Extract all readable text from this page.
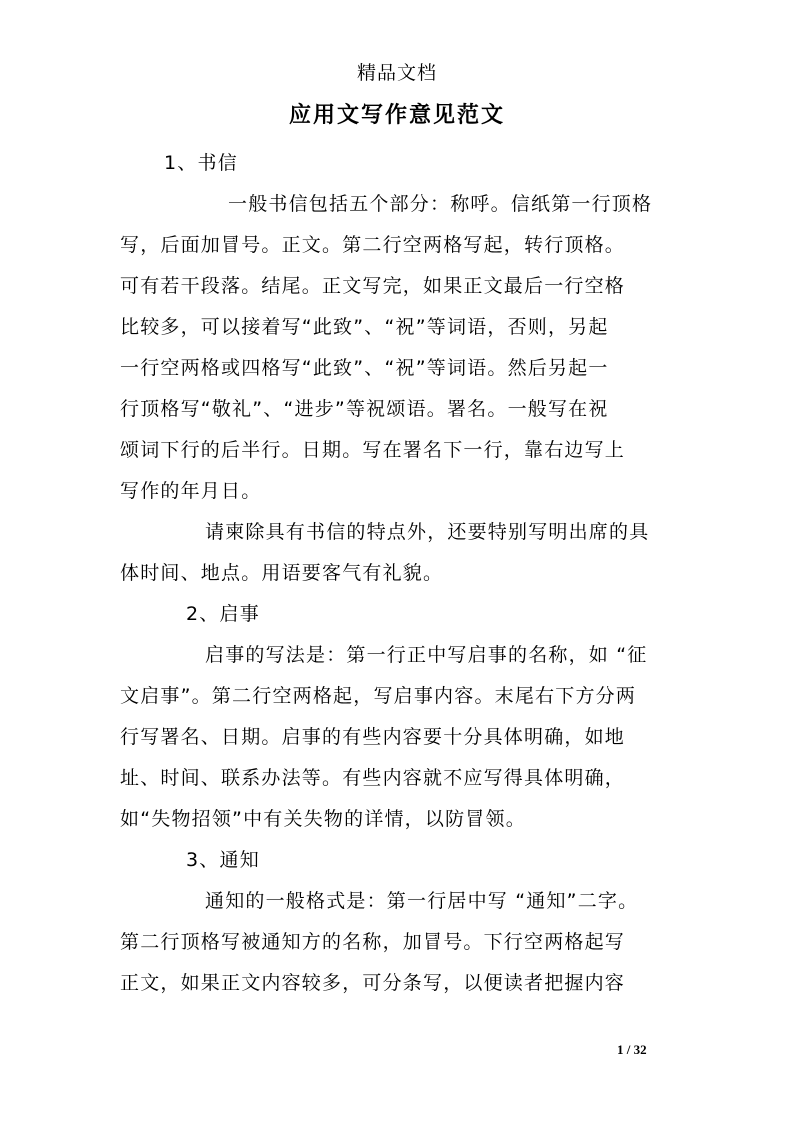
精品文档
应用文写作意见范文
1、书信
一般书信包括五个部分：称呼。信纸第一行顶格
写，后面加冒号。正文。第二行空两格写起，转行顶格。
可有若干段落。结尾。正文写完，如果正文最后一行空格
比较多，可以接着写“此致”、“祝”等词语，否则，另起
一行空两格或四格写“此致”、“祝”等词语。然后另起一
行顶格写“敬礼”、“进步”等祝颂语。署名。一般写在祝
颂词下行的后半行。日期。写在署名下一行，靠右边写上
写作的年月日。
请柬除具有书信的特点外，还要特别写明出席的具
体时间、地点。用语要客气有礼貌。
2、启事
启事的写法是：第一行正中写启事的名称，如 “征
文启事”。第二行空两格起，写启事内容。末尾右下方分两
行写署名、日期。启事的有些内容要十分具体明确，如地
址、时间、联系办法等。有些内容就不应写得具体明确，
如“失物招领”中有关失物的详情，以防冒领。
3、通知
通知的一般格式是：第一行居中写 “通知”二字。
第二行顶格写被通知方的名称，加冒号。下行空两格起写
正文，如果正文内容较多，可分条写，以便读者把握内容
1 / 32
